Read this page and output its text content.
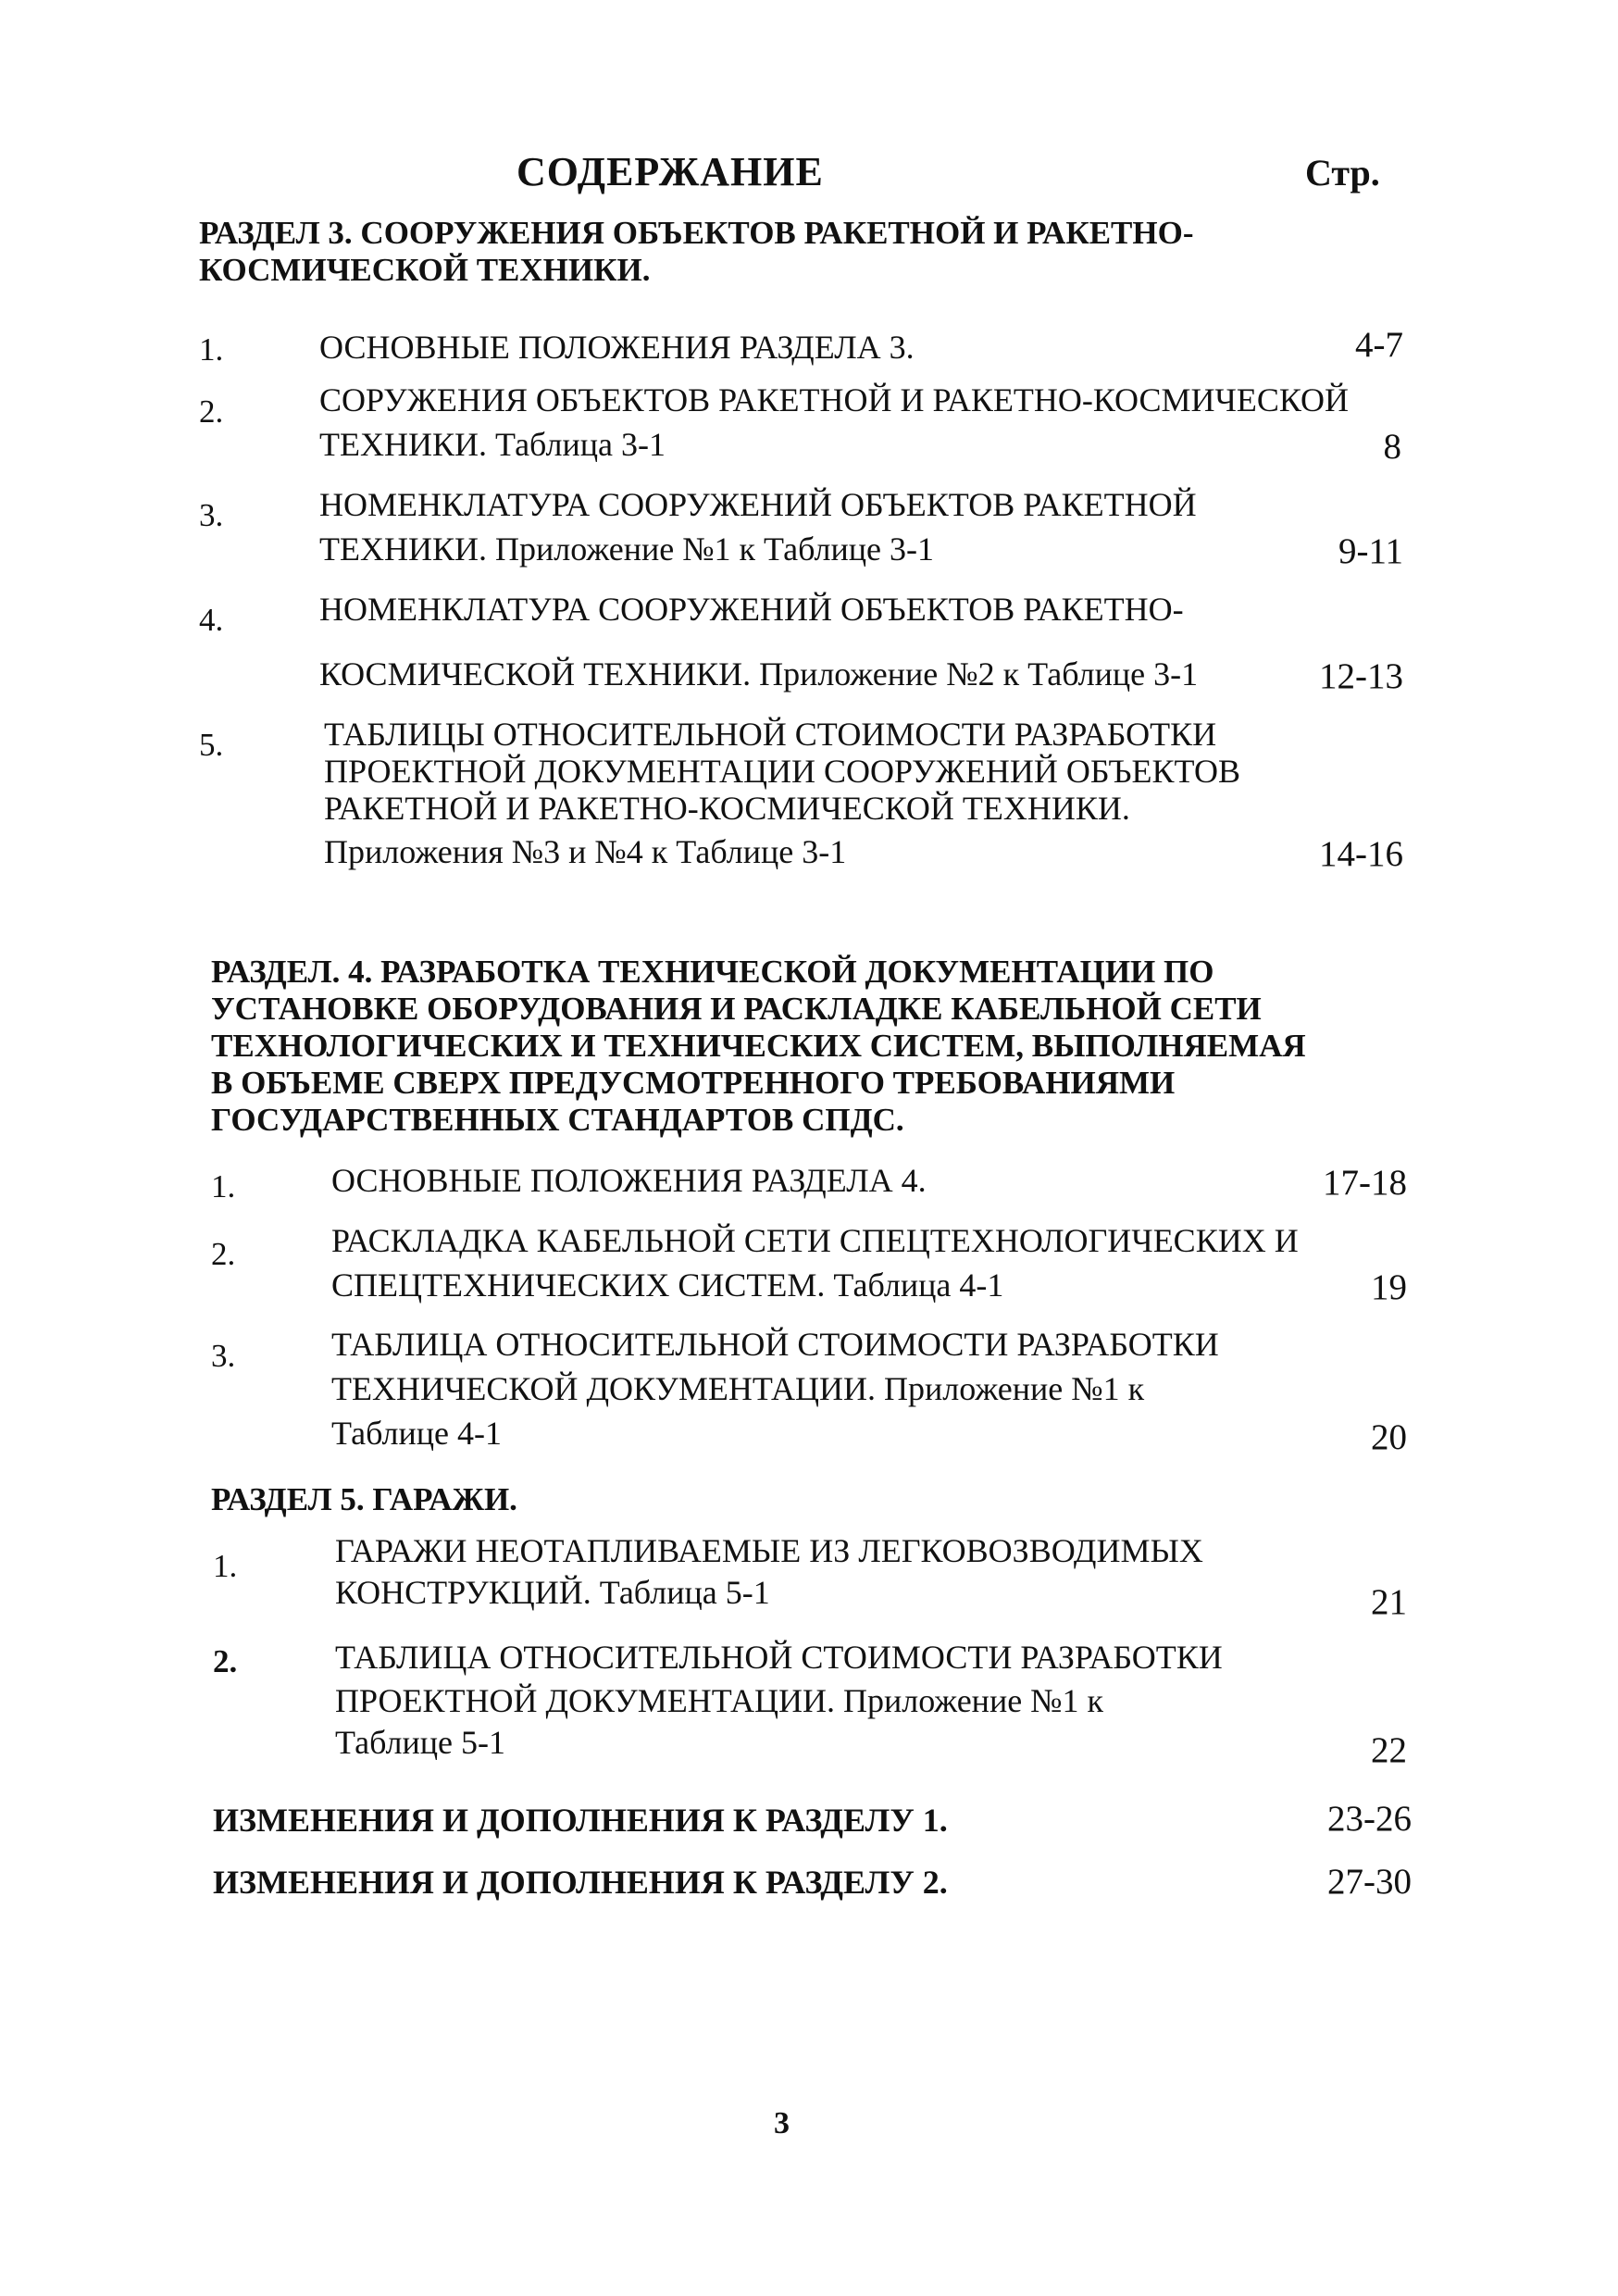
СОДЕРЖАНИЕ	Стр.
РАЗДЕЛ 3. СООРУЖЕНИЯ ОБЪЕКТОВ РАКЕТНОЙ И РАКЕТНО-
КОСМИЧЕСКОЙ ТЕХНИКИ.
1.	ОСНОВНЫЕ ПОЛОЖЕНИЯ РАЗДЕЛА 3.	4-7
2.	СОРУЖЕНИЯ ОБЪЕКТОВ РАКЕТНОЙ И РАКЕТНО-КОСМИЧЕСКОЙ
ТЕХНИКИ. Таблица 3-1	8
3.	НОМЕНКЛАТУРА СООРУЖЕНИЙ ОБЪЕКТОВ РАКЕТНОЙ
ТЕХНИКИ. Приложение №1 к Таблице 3-1	9-11
4.	НОМЕНКЛАТУРА СООРУЖЕНИЙ ОБЪЕКТОВ РАКЕТНО-
КОСМИЧЕСКОЙ ТЕХНИКИ. Приложение №2 к Таблице 3-1	12-13
5.	ТАБЛИЦЫ ОТНОСИТЕЛЬНОЙ СТОИМОСТИ РАЗРАБОТКИ
ПРОЕКТНОЙ ДОКУМЕНТАЦИИ СООРУЖЕНИЙ ОБЪЕКТОВ
РАКЕТНОЙ И РАКЕТНО-КОСМИЧЕСКОЙ ТЕХНИКИ.
Приложения №3 и №4 к Таблице 3-1	14-16
РАЗДЕЛ. 4. РАЗРАБОТКА ТЕХНИЧЕСКОЙ ДОКУМЕНТАЦИИ ПО
УСТАНОВКЕ ОБОРУДОВАНИЯ И РАСКЛАДКЕ КАБЕЛЬНОЙ СЕТИ
ТЕХНОЛОГИЧЕСКИХ И ТЕХНИЧЕСКИХ СИСТЕМ, ВЫПОЛНЯЕМАЯ
В ОБЪЕМЕ СВЕРХ ПРЕДУСМОТРЕННОГО ТРЕБОВАНИЯМИ
ГОСУДАРСТВЕННЫХ СТАНДАРТОВ СПДС.
1.	ОСНОВНЫЕ ПОЛОЖЕНИЯ РАЗДЕЛА 4.	17-18
2.	РАСКЛАДКА КАБЕЛЬНОЙ СЕТИ СПЕЦТЕХНОЛОГИЧЕСКИХ И
СПЕЦТЕХНИЧЕСКИХ СИСТЕМ. Таблица 4-1	19
3.	ТАБЛИЦА ОТНОСИТЕЛЬНОЙ СТОИМОСТИ РАЗРАБОТКИ
ТЕХНИЧЕСКОЙ ДОКУМЕНТАЦИИ. Приложение №1 к
Таблице 4-1	20
РАЗДЕЛ 5. ГАРАЖИ.
1.	ГАРАЖИ НЕОТАПЛИВАЕМЫЕ ИЗ ЛЕГКОВОЗВОДИМЫХ
КОНСТРУКЦИЙ. Таблица 5-1	21
2.	ТАБЛИЦА ОТНОСИТЕЛЬНОЙ СТОИМОСТИ РАЗРАБОТКИ
ПРОЕКТНОЙ ДОКУМЕНТАЦИИ. Приложение №1 к
Таблице 5-1	22
ИЗМЕНЕНИЯ И ДОПОЛНЕНИЯ К РАЗДЕЛУ 1.	23-26
ИЗМЕНЕНИЯ И ДОПОЛНЕНИЯ К РАЗДЕЛУ 2.	27-30
3
